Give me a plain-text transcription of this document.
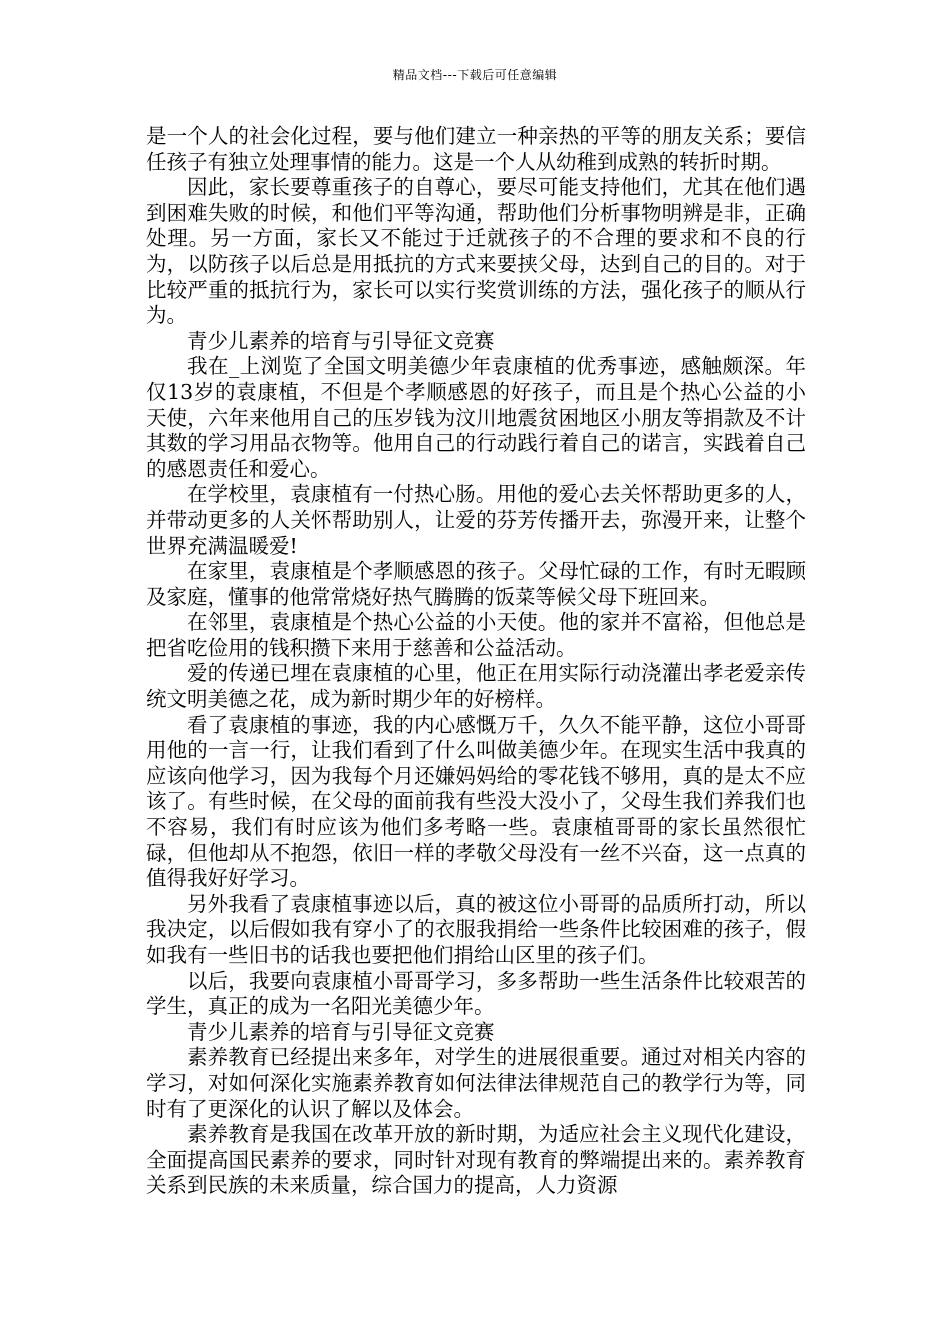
精品文档---下载后可任意编辑

是一个人的社会化过程，要与他们建立一种亲热的平等的朋友关系；要信任孩子有独立处理事情的能力。这是一个人从幼稚到成熟的转折时期。

因此，家长要尊重孩子的自尊心，要尽可能支持他们，尤其在他们遇到困难失败的时候，和他们平等沟通，帮助他们分析事物明辨是非，正确处理。另一方面，家长又不能过于迁就孩子的不合理的要求和不良的行为，以防孩子以后总是用抵抗的方式来要挟父母，达到自己的目的。对于比较严重的抵抗行为，家长可以实行奖赏训练的方法，强化孩子的顺从行为。

青少儿素养的培育与引导征文竞赛

我在_上浏览了全国文明美德少年袁康植的优秀事迹，感触颇深。年仅13岁的袁康植，不但是个孝顺感恩的好孩子，而且是个热心公益的小天使，六年来他用自己的压岁钱为汶川地震贫困地区小朋友等捐款及不计其数的学习用品衣物等。他用自己的行动践行着自己的诺言，实践着自己的感恩责任和爱心。

在学校里，袁康植有一付热心肠。用他的爱心去关怀帮助更多的人，并带动更多的人关怀帮助别人，让爱的芬芳传播开去，弥漫开来，让整个世界充满温暖爱!

在家里，袁康植是个孝顺感恩的孩子。父母忙碌的工作，有时无暇顾及家庭，懂事的他常常烧好热气腾腾的饭菜等候父母下班回来。

在邻里，袁康植是个热心公益的小天使。他的家并不富裕，但他总是把省吃俭用的钱积攒下来用于慈善和公益活动。

爱的传递已埋在袁康植的心里，他正在用实际行动浇灌出孝老爱亲传统文明美德之花，成为新时期少年的好榜样。

看了袁康植的事迹，我的内心感慨万千，久久不能平静，这位小哥哥用他的一言一行，让我们看到了什么叫做美德少年。在现实生活中我真的应该向他学习，因为我每个月还嫌妈妈给的零花钱不够用，真的是太不应该了。有些时候，在父母的面前我有些没大没小了，父母生我们养我们也不容易，我们有时应该为他们多考略一些。袁康植哥哥的家长虽然很忙碌，但他却从不抱怨，依旧一样的孝敬父母没有一丝不兴奋，这一点真的值得我好好学习。

另外我看了袁康植事迹以后，真的被这位小哥哥的品质所打动，所以我决定，以后假如我有穿小了的衣服我捐给一些条件比较困难的孩子，假如我有一些旧书的话我也要把他们捐给山区里的孩子们。

以后，我要向袁康植小哥哥学习，多多帮助一些生活条件比较艰苦的学生，真正的成为一名阳光美德少年。

青少儿素养的培育与引导征文竞赛

素养教育已经提出来多年，对学生的进展很重要。通过对相关内容的学习，对如何深化实施素养教育如何法律法律规范自己的教学行为等，同时有了更深化的认识了解以及体会。

素养教育是我国在改革开放的新时期，为适应社会主义现代化建设，全面提高国民素养的要求，同时针对现有教育的弊端提出来的。素养教育关系到民族的未来质量，综合国力的提高，人力资源
